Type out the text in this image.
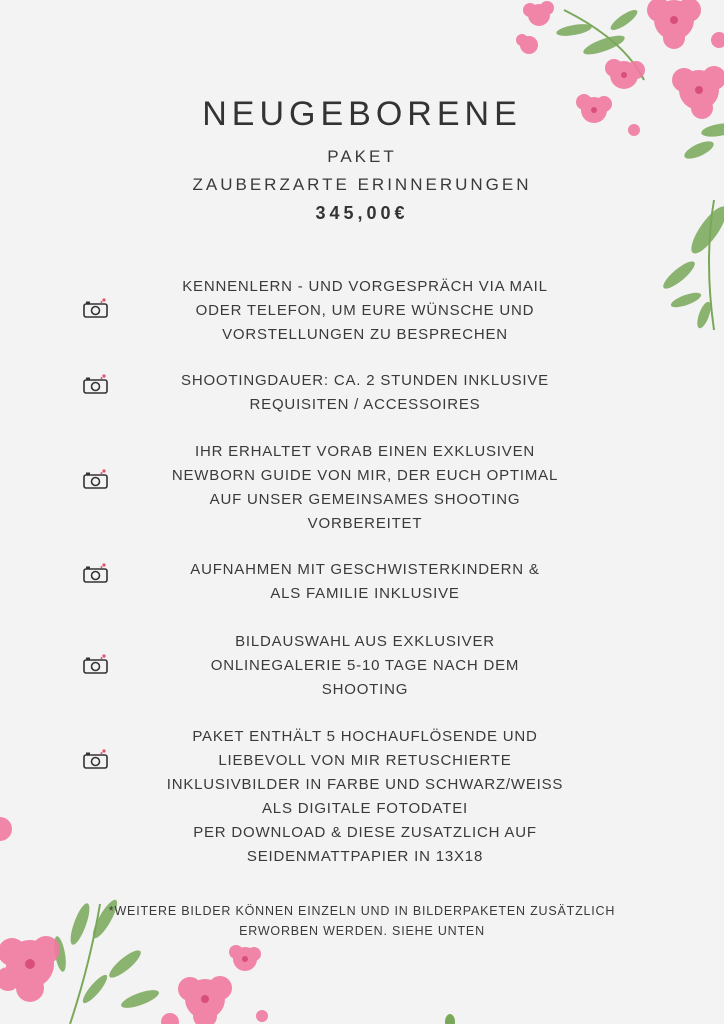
NEUGEBORENE
PAKET
ZAUBERZARTE ERINNERUNGEN
345,00€
KENNENLERN - UND VORGESPRÄCH VIA MAIL
ODER TELEFON, UM EURE WÜNSCHE UND
VORSTELLUNGEN ZU BESPRECHEN
SHOOTINGDAUER: CA. 2 STUNDEN INKLUSIVE
REQUISITEN / ACCESSOIRES
IHR ERHALTET VORAB EINEN EXKLUSIVEN
NEWBORN GUIDE VON MIR, DER EUCH OPTIMAL
AUF UNSER GEMEINSAMES SHOOTING
VORBEREITET
AUFNAHMEN MIT GESCHWISTERKINDERN &
ALS FAMILIE INKLUSIVE
BILDAUSWAHL AUS EXKLUSIVER
ONLINEGALERIE 5-10 TAGE NACH DEM
SHOOTING
PAKET ENTHÄLT 5 HOCHAUFLÖSENDE UND
LIEBEVOLL VON MIR RETUSCHIERTE
INKLUSIVBILDER IN FARBE UND SCHWARZ/WEISS
ALS DIGITALE FOTODATEI
PER DOWNLOAD & DIESE ZUSATZLICH AUF
SEIDENMATTPAPIER IN 13X18
*WEITERE BILDER KÖNNEN EINZELN UND IN BILDERPAKETEN ZUSÄTZLICH
ERWORBEN WERDEN. SIEHE UNTEN
